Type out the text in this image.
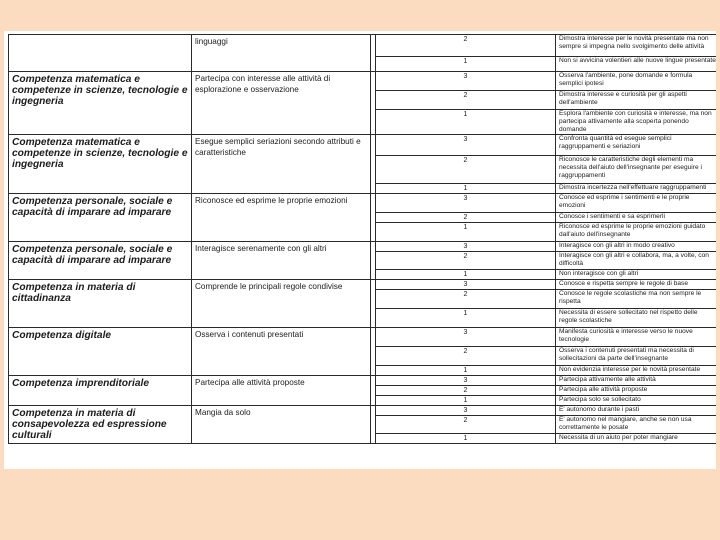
	linguaggi		2	Dimostra interesse per le novità presentate ma non sempre si impegna nello svolgimento delle attività
			1	Non si avvicina volentieri alle nuove lingue presentate
Competenza matematica e competenze in scienze, tecnologie e ingegneria	Partecipa con interesse alle attività di esplorazione e osservazione		3	Osserva l'ambiente, pone domande e formula semplici ipotesi
			2	Dimostra interesse e curiosità per gli aspetti dell'ambiente
			1	Esplora l'ambiente con curiosità e interesse, ma non partecipa attivamente alla scoperta ponendo domande
Competenza matematica e competenze in scienze, tecnologie e ingegneria	Esegue semplici seriazioni secondo attributi e caratteristiche		3	Confronta quantità ed esegue semplici raggruppamenti e seriazioni
			2	Riconosce le caratteristiche degli elementi ma necessita dell'aiuto dell'insegnante per eseguire i raggruppamenti
			1	Dimostra incertezza nell'effettuare raggruppamenti
Competenza personale, sociale e capacità di imparare ad imparare	Riconosce ed esprime le proprie emozioni		3	Conosce ed esprime i sentimenti e le proprie emozioni
			2	Conosce i sentimenti e sa esprimerli
			1	Riconosce ed esprime le proprie emozioni guidato dall'aiuto dell'insegnante
Competenza personale, sociale e capacità di imparare ad imparare	Interagisce serenamente con gli altri		3	Interagisce con gli altri in modo creativo
			2	Interagisce con gli altri e collabora, ma, a volte, con difficoltà
			1	Non interagisce con gli altri
Competenza in materia di cittadinanza	Comprende le principali regole condivise		3	Conosce e rispetta sempre le regole di base
			2	Conosce le regole scolastiche ma non sempre le rispetta
			1	Necessita di essere sollecitato nel rispetto delle regole scolastiche
Competenza digitale	Osserva i contenuti presentati		3	Manifesta curiosità e interesse verso le nuove tecnologie
			2	Osserva i contenuti presentati ma necessita di sollecitazioni da parte dell'insegnante
			1	Non evidenzia interesse per le novità presentate
Competenza imprenditoriale	Partecipa alle attività proposte		3	Partecipa attivamente alle attività
			2	Partecipa alle attività proposte
			1	Partecipa solo se sollecitato
Competenza in materia di consapevolezza ed espressione culturali	Mangia da solo		3	E' autonomo durante i pasti
			2	E' autonomo nel mangiare, anche se non usa correttamente le posate
			1	Necessita di un aiuto per poter mangiare
